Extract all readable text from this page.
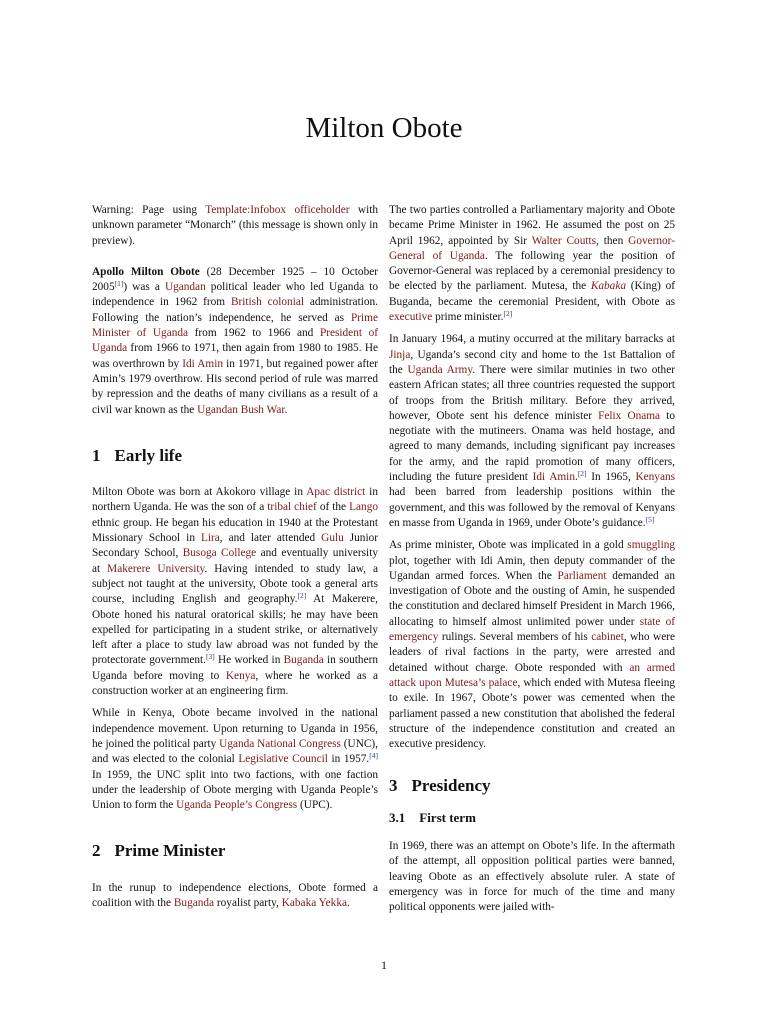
Milton Obote

Warning: Page using Template:Infobox officeholder with unknown parameter “Monarch” (this message is shown only in preview).

Apollo Milton Obote (28 December 1925 – 10 October 2005[1]) was a Ugandan political leader who led Uganda to independence in 1962 from British colonial administration. Following the nation’s independence, he served as Prime Minister of Uganda from 1962 to 1966 and President of Uganda from 1966 to 1971, then again from 1980 to 1985. He was overthrown by Idi Amin in 1971, but regained power after Amin’s 1979 overthrow. His second period of rule was marred by repression and the deaths of many civilians as a result of a civil war known as the Ugandan Bush War.

1 Early life

Milton Obote was born at Akokoro village in Apac district in northern Uganda. He was the son of a tribal chief of the Lango ethnic group. He began his education in 1940 at the Protestant Missionary School in Lira, and later attended Gulu Junior Secondary School, Busoga College and eventually university at Makerere University. Having intended to study law, a subject not taught at the university, Obote took a general arts course, including English and geography.[2] At Makerere, Obote honed his natural oratorical skills; he may have been expelled for participating in a student strike, or alternatively left after a place to study law abroad was not funded by the protectorate government.[3] He worked in Buganda in southern Uganda before moving to Kenya, where he worked as a construction worker at an engineering firm.

While in Kenya, Obote became involved in the national independence movement. Upon returning to Uganda in 1956, he joined the political party Uganda National Congress (UNC), and was elected to the colonial Legislative Council in 1957.[4] In 1959, the UNC split into two factions, with one faction under the leadership of Obote merging with Uganda People’s Union to form the Uganda People’s Congress (UPC).

2 Prime Minister

In the runup to independence elections, Obote formed a coalition with the Buganda royalist party, Kabaka Yekka.

The two parties controlled a Parliamentary majority and Obote became Prime Minister in 1962. He assumed the post on 25 April 1962, appointed by Sir Walter Coutts, then Governor-General of Uganda. The following year the position of Governor-General was replaced by a ceremonial presidency to be elected by the parliament. Mutesa, the Kabaka (King) of Buganda, became the ceremonial President, with Obote as executive prime minister.[2]

In January 1964, a mutiny occurred at the military barracks at Jinja, Uganda’s second city and home to the 1st Battalion of the Uganda Army. There were similar mutinies in two other eastern African states; all three countries requested the support of troops from the British military. Before they arrived, however, Obote sent his defence minister Felix Onama to negotiate with the mutineers. Onama was held hostage, and agreed to many demands, including significant pay increases for the army, and the rapid promotion of many officers, including the future president Idi Amin.[2] In 1965, Kenyans had been barred from leadership positions within the government, and this was followed by the removal of Kenyans en masse from Uganda in 1969, under Obote’s guidance.[5]

As prime minister, Obote was implicated in a gold smuggling plot, together with Idi Amin, then deputy commander of the Ugandan armed forces. When the Parliament demanded an investigation of Obote and the ousting of Amin, he suspended the constitution and declared himself President in March 1966, allocating to himself almost unlimited power under state of emergency rulings. Several members of his cabinet, who were leaders of rival factions in the party, were arrested and detained without charge. Obote responded with an armed attack upon Mutesa’s palace, which ended with Mutesa fleeing to exile. In 1967, Obote’s power was cemented when the parliament passed a new constitution that abolished the federal structure of the independence constitution and created an executive presidency.

3 Presidency
3.1 First term

In 1969, there was an attempt on Obote’s life. In the aftermath of the attempt, all opposition political parties were banned, leaving Obote as an effectively absolute ruler. A state of emergency was in force for much of the time and many political opponents were jailed with-

1
